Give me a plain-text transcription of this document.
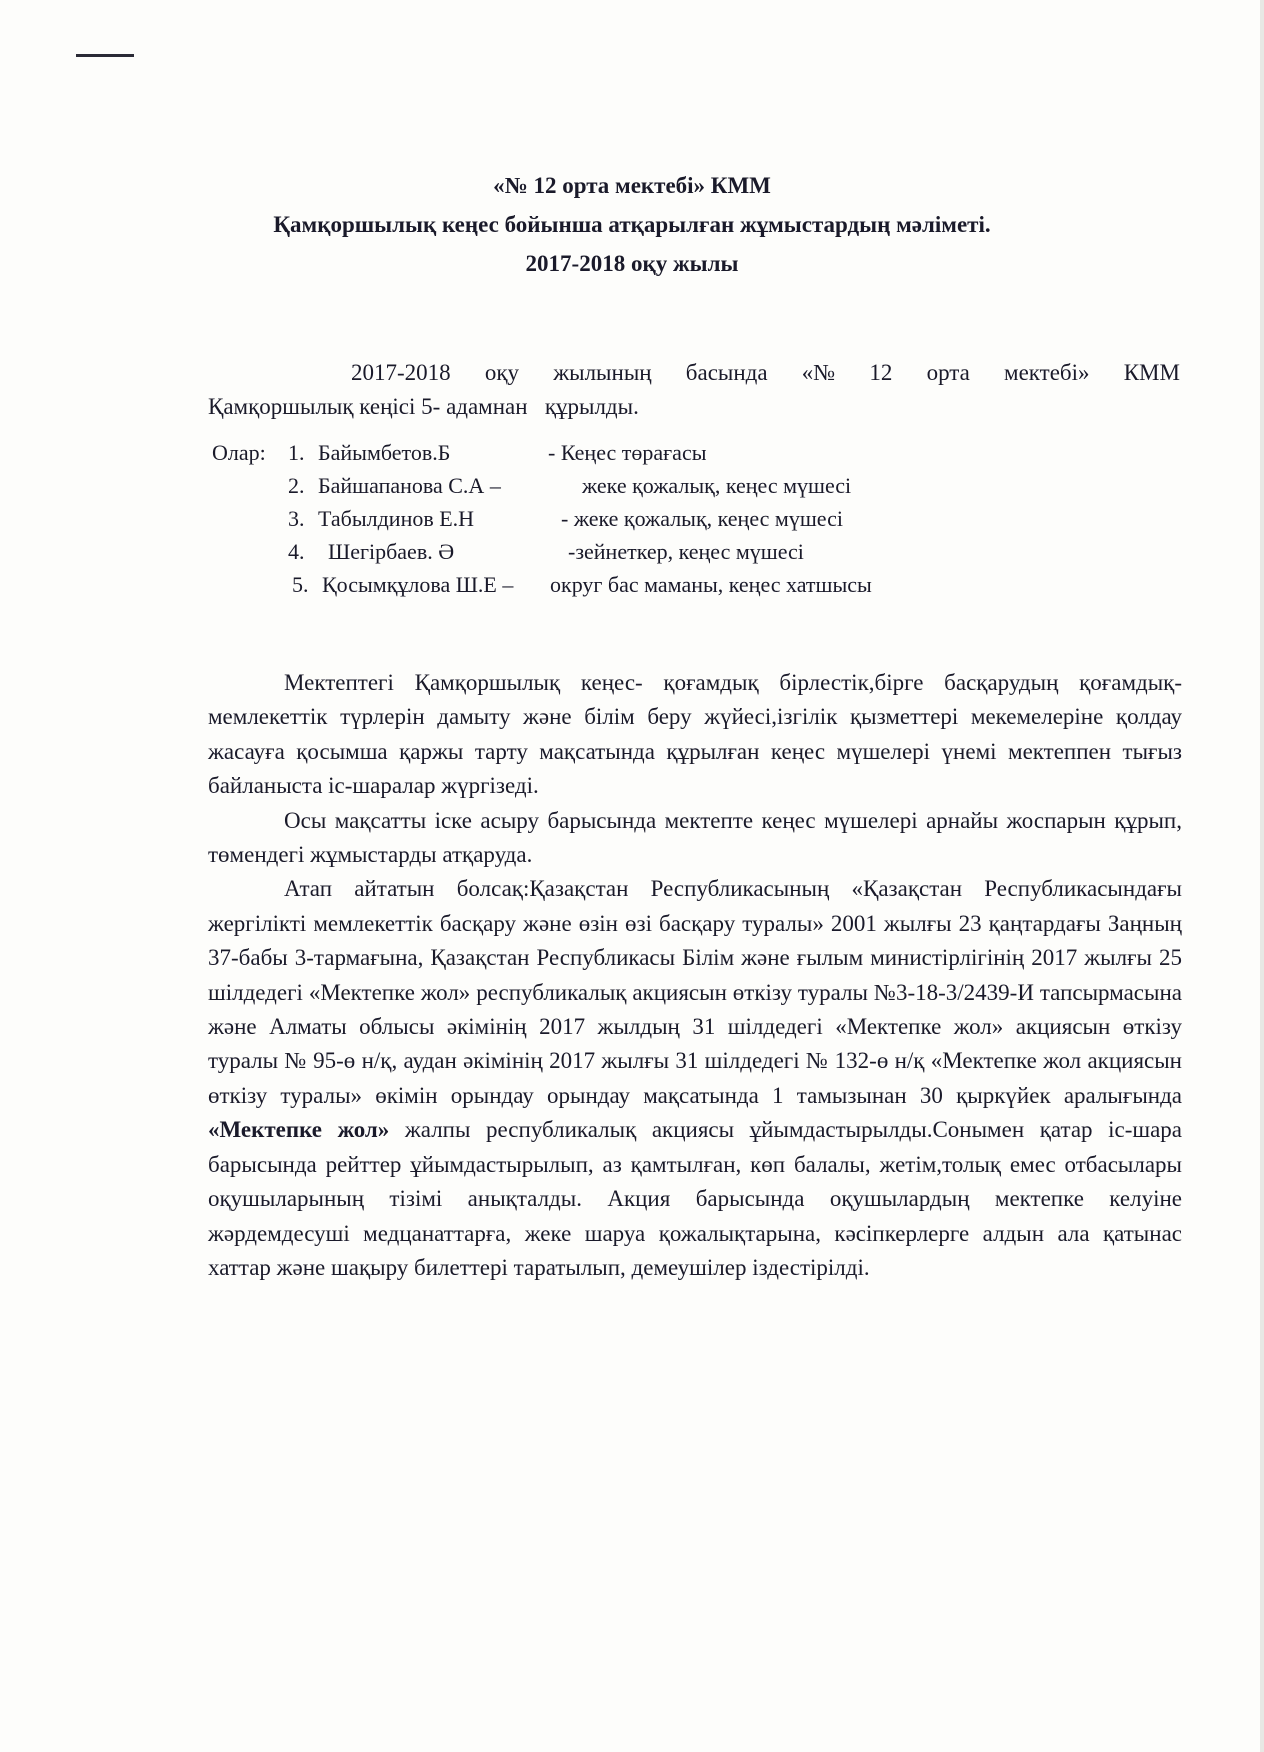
«№ 12 орта мектебі» КММ
Қамқоршылық кеңес бойынша атқарылған жұмыстардың мәліметі.
2017-2018 оқу жылы
2017-2018 оқу жылының басында «№ 12 орта мектебі» КММ
Қамқоршылық кеңісі 5- адамнан   құрылды.
Олар: 1. Байымбетов.Б	- Кеңес төрағасы
2. Байшапанова С.А –	жеке қожалық, кеңес мүшесі
3. Табылдинов Е.Н	- жеке қожалық, кеңес мүшесі
4. Шегірбаев. Ә	-зейнеткер, кеңес мүшесі
5. Қосымқұлова Ш.Е – округ бас маманы, кеңес хатшысы

Мектептегі Қамқоршылық кеңес- қоғамдық бірлестік,бірге басқарудың қоғамдық-мемлекеттік түрлерін дамыту және білім беру жүйесі,ізгілік қызметтері мекемелеріне қолдау жасауға қосымша қаржы тарту мақсатында құрылған кеңес мүшелері үнемі мектеппен тығыз байланыста іс-шаралар жүргізеді.

Осы мақсатты іске асыру барысында мектепте кеңес мүшелері арнайы жоспарын құрып, төмендегі жұмыстарды атқаруда.

Атап айтатын болсақ:Қазақстан Республикасының «Қазақстан Республикасындағы жергілікті мемлекеттік басқару және өзін өзі басқару туралы» 2001 жылғы 23 қаңтардағы Заңның 37-бабы 3-тармағына, Қазақстан Республикасы Білім және ғылым министірлігінің 2017 жылғы 25 шілдедегі «Мектепке жол» республикалық акциясын өткізу туралы №3-18-3/2439-И тапсырмасына және Алматы облысы әкімінің 2017 жылдың 31 шілдедегі «Мектепке жол» акциясын өткізу туралы № 95-ө н/қ, аудан әкімінің 2017 жылғы 31 шілдедегі № 132-ө н/қ «Мектепке жол акциясын өткізу туралы» өкімін орындау орындау мақсатында 1 тамызынан 30 қыркүйек аралығында «Мектепке жол» жалпы республикалық акциясы ұйымдастырылды.Сонымен қатар іс-шара барысында рейттер ұйымдастырылып, аз қамтылған, көп балалы, жетім,толық емес отбасылары оқушыларының тізімі анықталды. Акция барысында оқушылардың мектепке келуіне жәрдемдесуші медцанаттарға, жеке шаруа қожалықтарына, кәсіпкерлерге алдын ала қатынас хаттар және шақыру билеттері таратылып, демеушілер іздестірілді.
